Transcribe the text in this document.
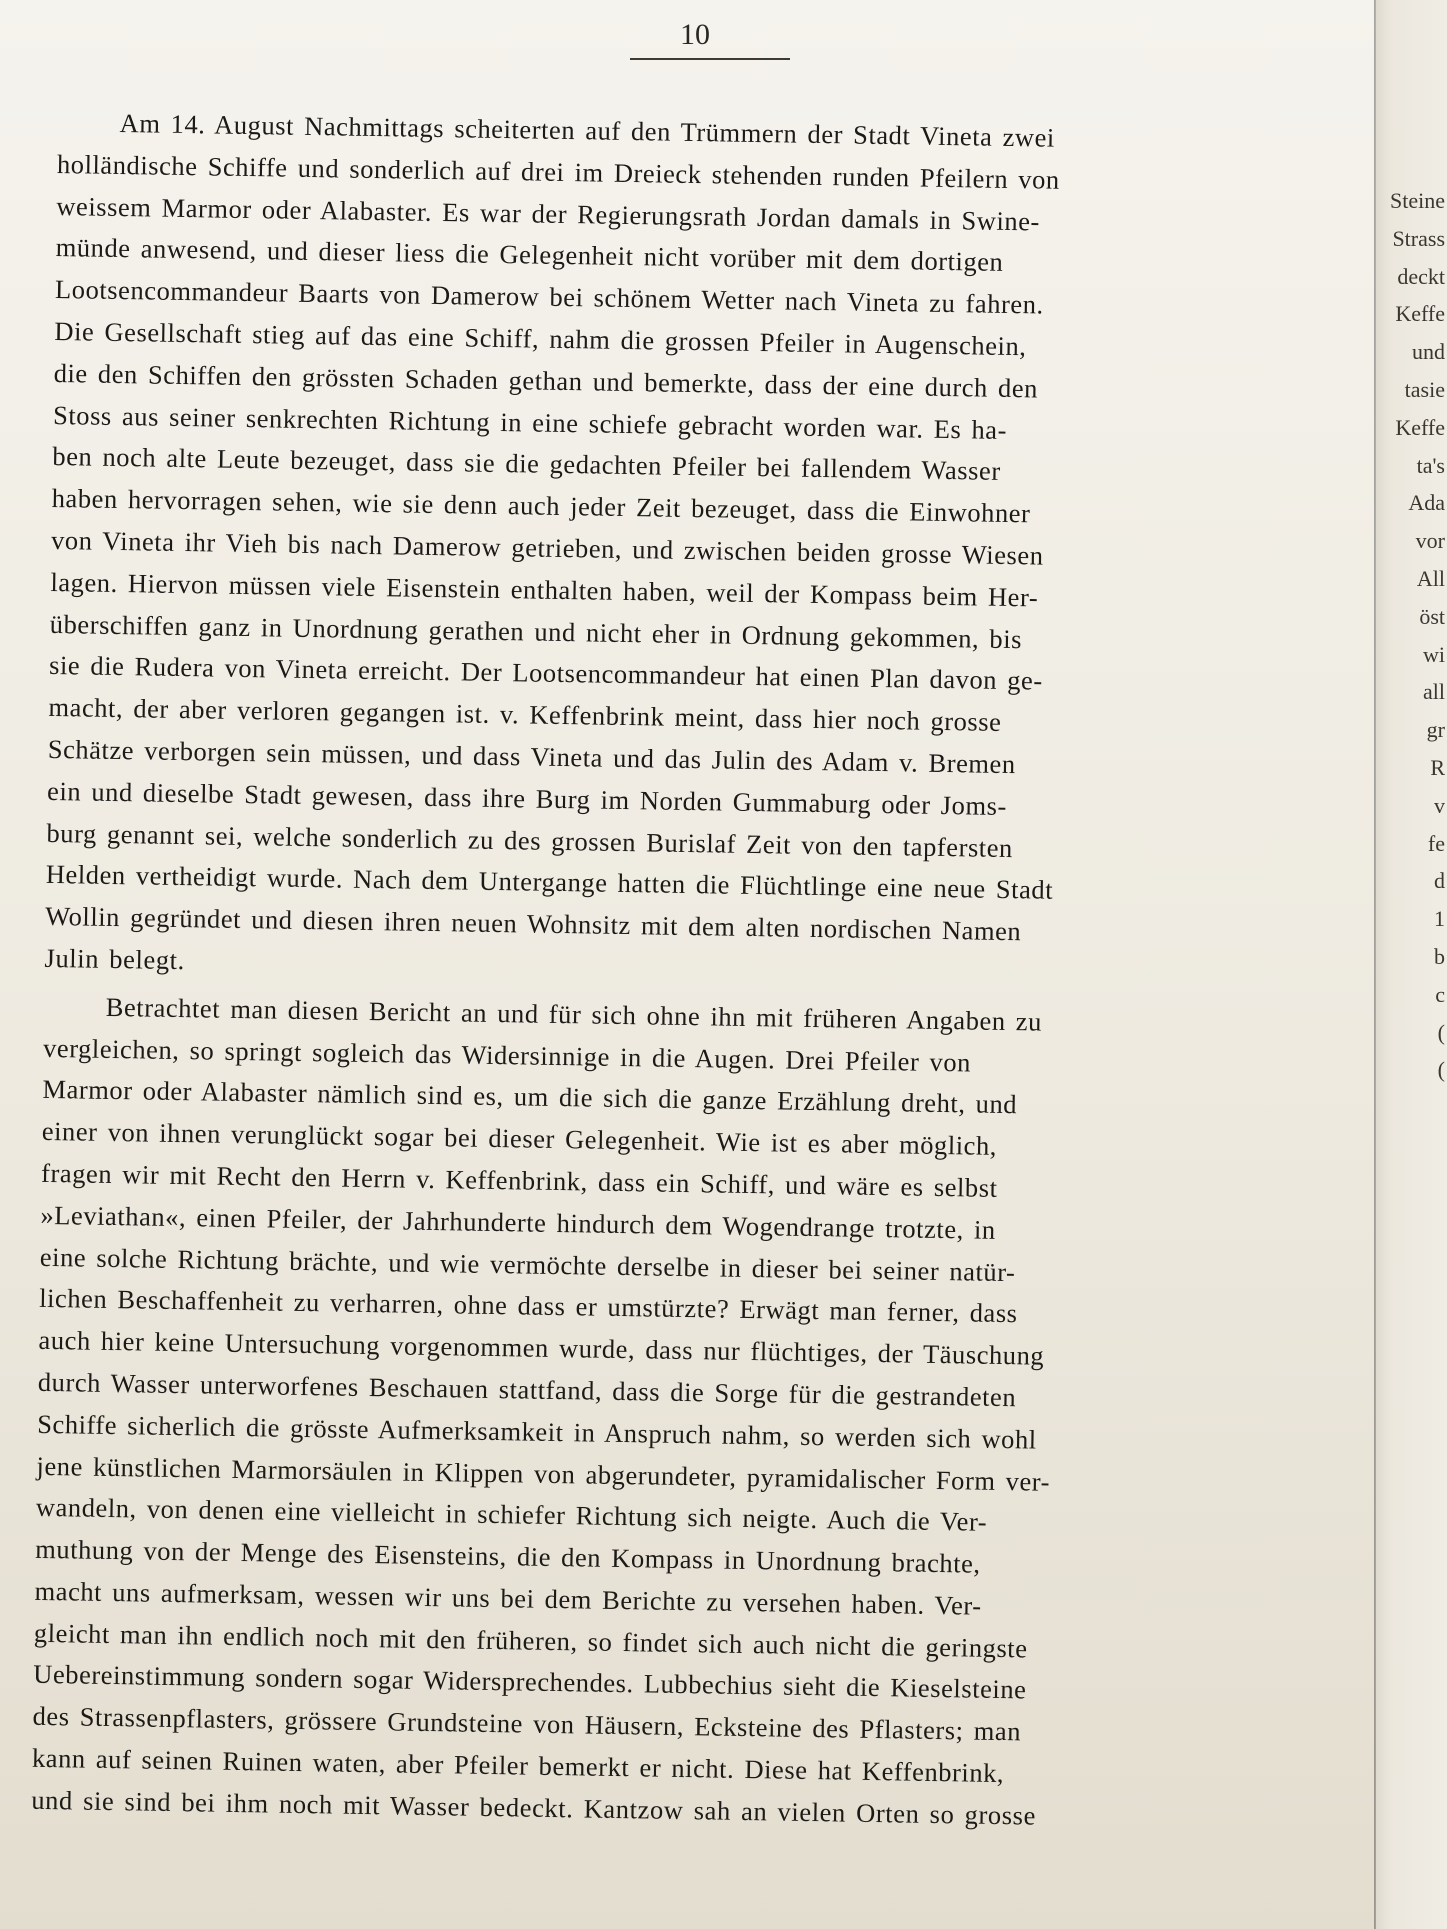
10
Am 14. August Nachmittags scheiterten auf den Trümmern der Stadt Vineta zwei
holländische Schiffe und sonderlich auf drei im Dreieck stehenden runden Pfeilern von
weissem Marmor oder Alabaster. Es war der Regierungsrath Jordan damals in Swine-
münde anwesend, und dieser liess die Gelegenheit nicht vorüber mit dem dortigen
Lootsencommandeur Baarts von Damerow bei schönem Wetter nach Vineta zu fahren.
Die Gesellschaft stieg auf das eine Schiff, nahm die grossen Pfeiler in Augenschein,
die den Schiffen den grössten Schaden gethan und bemerkte, dass der eine durch den
Stoss aus seiner senkrechten Richtung in eine schiefe gebracht worden war. Es ha-
ben noch alte Leute bezeuget, dass sie die gedachten Pfeiler bei fallendem Wasser
haben hervorragen sehen, wie sie denn auch jeder Zeit bezeuget, dass die Einwohner
von Vineta ihr Vieh bis nach Damerow getrieben, und zwischen beiden grosse Wiesen
lagen. Hiervon müssen viele Eisenstein enthalten haben, weil der Kompass beim Her-
überschiffen ganz in Unordnung gerathen und nicht eher in Ordnung gekommen, bis
sie die Rudera von Vineta erreicht. Der Lootsencommandeur hat einen Plan davon ge-
macht, der aber verloren gegangen ist. v. Keffenbrink meint, dass hier noch grosse
Schätze verborgen sein müssen, und dass Vineta und das Julin des Adam v. Bremen
ein und dieselbe Stadt gewesen, dass ihre Burg im Norden Gummaburg oder Joms-
burg genannt sei, welche sonderlich zu des grossen Burislaf Zeit von den tapfersten
Helden vertheidigt wurde. Nach dem Untergange hatten die Flüchtlinge eine neue Stadt
Wollin gegründet und diesen ihren neuen Wohnsitz mit dem alten nordischen Namen
Julin belegt.
Betrachtet man diesen Bericht an und für sich ohne ihn mit früheren Angaben zu
vergleichen, so springt sogleich das Widersinnige in die Augen. Drei Pfeiler von
Marmor oder Alabaster nämlich sind es, um die sich die ganze Erzählung dreht, und
einer von ihnen verunglückt sogar bei dieser Gelegenheit. Wie ist es aber möglich,
fragen wir mit Recht den Herrn v. Keffenbrink, dass ein Schiff, und wäre es selbst
»Leviathan«, einen Pfeiler, der Jahrhunderte hindurch dem Wogendrange trotzte, in
eine solche Richtung brächte, und wie vermöchte derselbe in dieser bei seiner natür-
lichen Beschaffenheit zu verharren, ohne dass er umstürzte? Erwägt man ferner, dass
auch hier keine Untersuchung vorgenommen wurde, dass nur flüchtiges, der Täuschung
durch Wasser unterworfenes Beschauen stattfand, dass die Sorge für die gestrandeten
Schiffe sicherlich die grösste Aufmerksamkeit in Anspruch nahm, so werden sich wohl
jene künstlichen Marmorsäulen in Klippen von abgerundeter, pyramidalischer Form ver-
wandeln, von denen eine vielleicht in schiefer Richtung sich neigte. Auch die Ver-
muthung von der Menge des Eisensteins, die den Kompass in Unordnung brachte,
macht uns aufmerksam, wessen wir uns bei dem Berichte zu versehen haben. Ver-
gleicht man ihn endlich noch mit den früheren, so findet sich auch nicht die geringste
Uebereinstimmung sondern sogar Widersprechendes. Lubbechius sieht die Kieselsteine
des Strassenpflasters, grössere Grundsteine von Häusern, Ecksteine des Pflasters; man
kann auf seinen Ruinen waten, aber Pfeiler bemerkt er nicht. Diese hat Keffenbrink,
und sie sind bei ihm noch mit Wasser bedeckt. Kantzow sah an vielen Orten so grosse
Steine
Strass
deckt
Keffe
und
tasie
Keffe
ta's
Ada
vor
All
öst
wi
all
gr
R
v
fe
d
1
b
c
(
(
